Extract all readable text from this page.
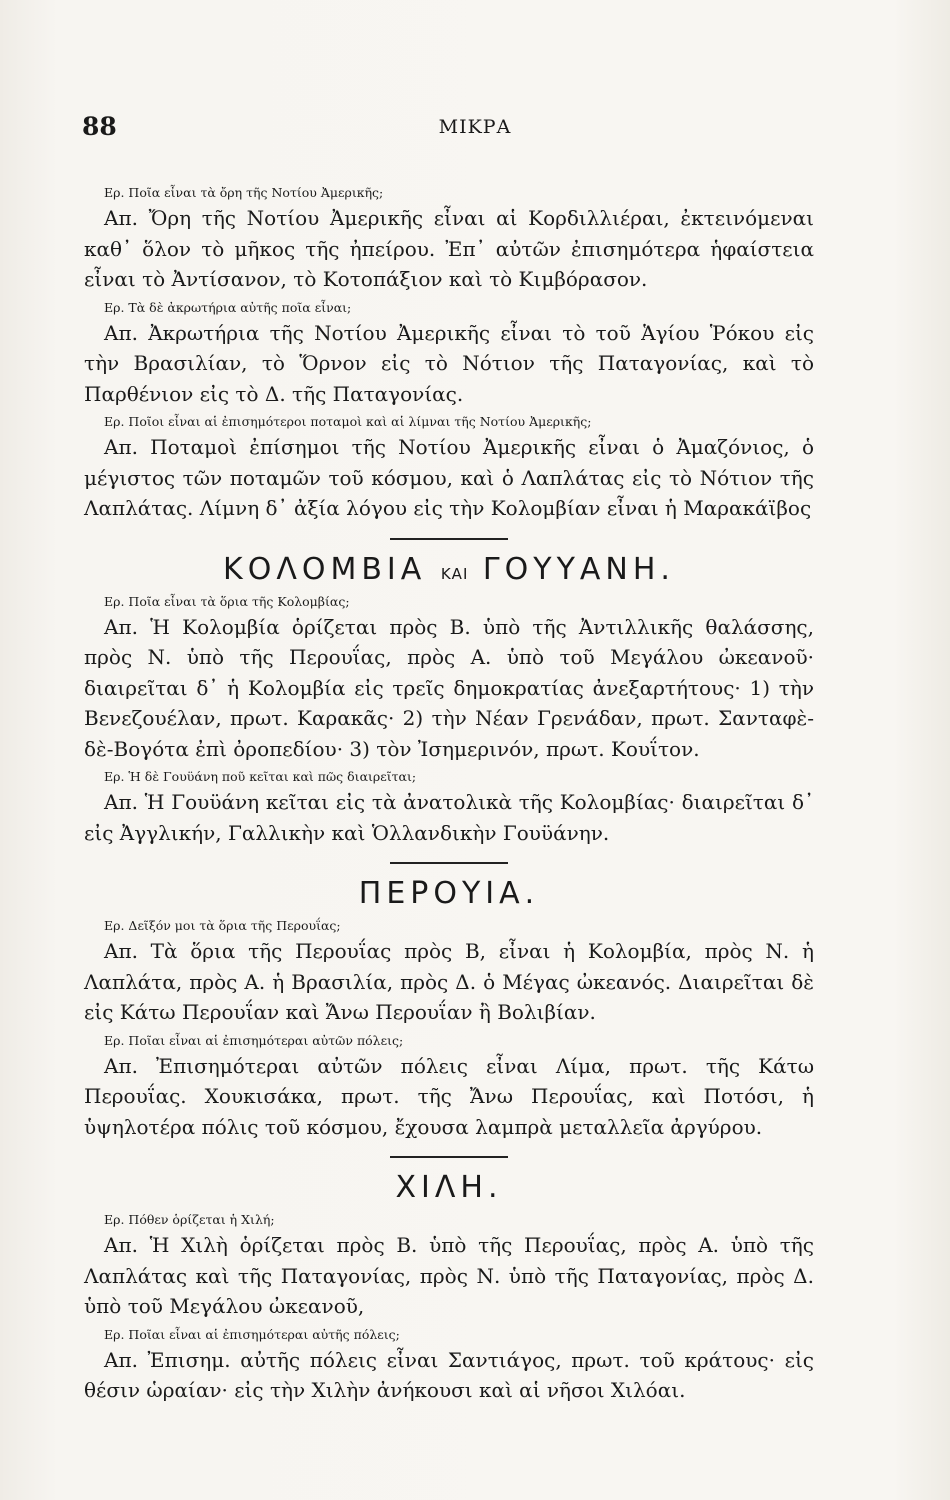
88	ΜΙΚΡΑ

Ερ. Ποῖα εἶναι τὰ ὄρη τῆς Νοτίου Ἀμερικῆς;

Απ. Ὄρη τῆς Νοτίου Ἀμερικῆς εἶναι αἱ Κορδιλλιέραι, ἐκτεινόμεναι καθ᾽ ὅλον τὸ μῆκος τῆς ἠπείρου. Ἐπ᾽ αὐτῶν ἐπισημότερα ἡφαίστεια εἶναι τὸ Ἀντίσανον, τὸ Κοτοπάξιον καὶ τὸ Κιμβόρασον.

Ερ. Τὰ δὲ ἀκρωτήρια αὐτῆς ποῖα εἶναι;

Απ. Ἀκρωτήρια τῆς Νοτίου Ἀμερικῆς εἶναι τὸ τοῦ Ἁγίου Ῥόκου εἰς τὴν Βρασιλίαν, τὸ Ὅρνον εἰς τὸ Νότιον τῆς Παταγονίας, καὶ τὸ Παρθένιον εἰς τὸ Δ. τῆς Παταγονίας.

Ερ. Ποῖοι εἶναι αἱ ἐπισημότεροι ποταμοὶ καὶ αἱ λίμναι τῆς Νοτίου Ἀμερικῆς;

Απ. Ποταμοὶ ἐπίσημοι τῆς Νοτίου Ἀμερικῆς εἶναι ὁ Ἀμαζόνιος, ὁ μέγιστος τῶν ποταμῶν τοῦ κόσμου, καὶ ὁ Λαπλάτας εἰς τὸ Νότιον τῆς Λαπλάτας. Λίμνη δ᾽ ἀξία λόγου εἰς τὴν Κολομβίαν εἶναι ἡ Μαρακάϊβος

ΚΟΛΟΜΒΙΑ ΚΑΙ ΓΟΥΥΑΝΗ.

Ερ. Ποῖα εἶναι τὰ ὅρια τῆς Κολομβίας;

Απ. Ἡ Κολομβία ὁρίζεται πρὸς Β. ὑπὸ τῆς Ἀντιλλικῆς θαλάσσης, πρὸς Ν. ὑπὸ τῆς Περουΐας, πρὸς Α. ὑπὸ τοῦ Μεγάλου ὠκεανοῦ· διαιρεῖται δ᾽ ἡ Κολομβία εἰς τρεῖς δημοκρατίας ἀνεξαρτήτους· 1) τὴν Βενεζουέλαν, πρωτ. Καρακᾶς· 2) τὴν Νέαν Γρενάδαν, πρωτ. Σανταφὲ-δὲ-Βογότα ἐπὶ ὀροπεδίου· 3) τὸν Ἰσημερινόν, πρωτ. Κουΐτον.

Ερ. Ἡ δὲ Γουϋάνη ποῦ κεῖται καὶ πῶς διαιρεῖται;

Απ. Ἡ Γουϋάνη κεῖται εἰς τὰ ἀνατολικὰ τῆς Κολομβίας· διαιρεῖται δ᾽ εἰς Ἀγγλικήν, Γαλλικὴν καὶ Ὁλλανδικὴν Γουϋάνην.

ΠΕΡΟΥΙΑ.

Ερ. Δεῖξόν μοι τὰ ὅρια τῆς Περουΐας;

Απ. Τὰ ὅρια τῆς Περουΐας πρὸς Β, εἶναι ἡ Κολομβία, πρὸς Ν. ἡ Λαπλάτα, πρὸς Α. ἡ Βρασιλία, πρὸς Δ. ὁ Μέγας ὠκεανός. Διαιρεῖται δὲ εἰς Κάτω Περουΐαν καὶ Ἄνω Περουΐαν ἢ Βολιβίαν.

Ερ. Ποῖαι εἶναι αἱ ἐπισημότεραι αὐτῶν πόλεις;

Απ. Ἐπισημότεραι αὐτῶν πόλεις εἶναι Λίμα, πρωτ. τῆς Κάτω Περουΐας. Χουκισάκα, πρωτ. τῆς Ἄνω Περουΐας, καὶ Ποτόσι, ἡ ὑψηλοτέρα πόλις τοῦ κόσμου, ἔχουσα λαμπρὰ μεταλλεῖα ἀργύρου.

ΧΙΛΗ.

Ερ. Πόθεν ὁρίζεται ἡ Χιλή;

Απ. Ἡ Χιλὴ ὁρίζεται πρὸς Β. ὑπὸ τῆς Περουΐας, πρὸς Α. ὑπὸ τῆς Λαπλάτας καὶ τῆς Παταγονίας, πρὸς Ν. ὑπὸ τῆς Παταγονίας, πρὸς Δ. ὑπὸ τοῦ Μεγάλου ὠκεανοῦ,

Ερ. Ποῖαι εἶναι αἱ ἐπισημότεραι αὐτῆς πόλεις;

Απ. Ἐπισημ. αὐτῆς πόλεις εἶναι Σαντιάγος, πρωτ. τοῦ κράτους· εἰς θέσιν ὡραίαν· εἰς τὴν Χιλὴν ἀνήκουσι καὶ αἱ νῆσοι Χιλόαι.
